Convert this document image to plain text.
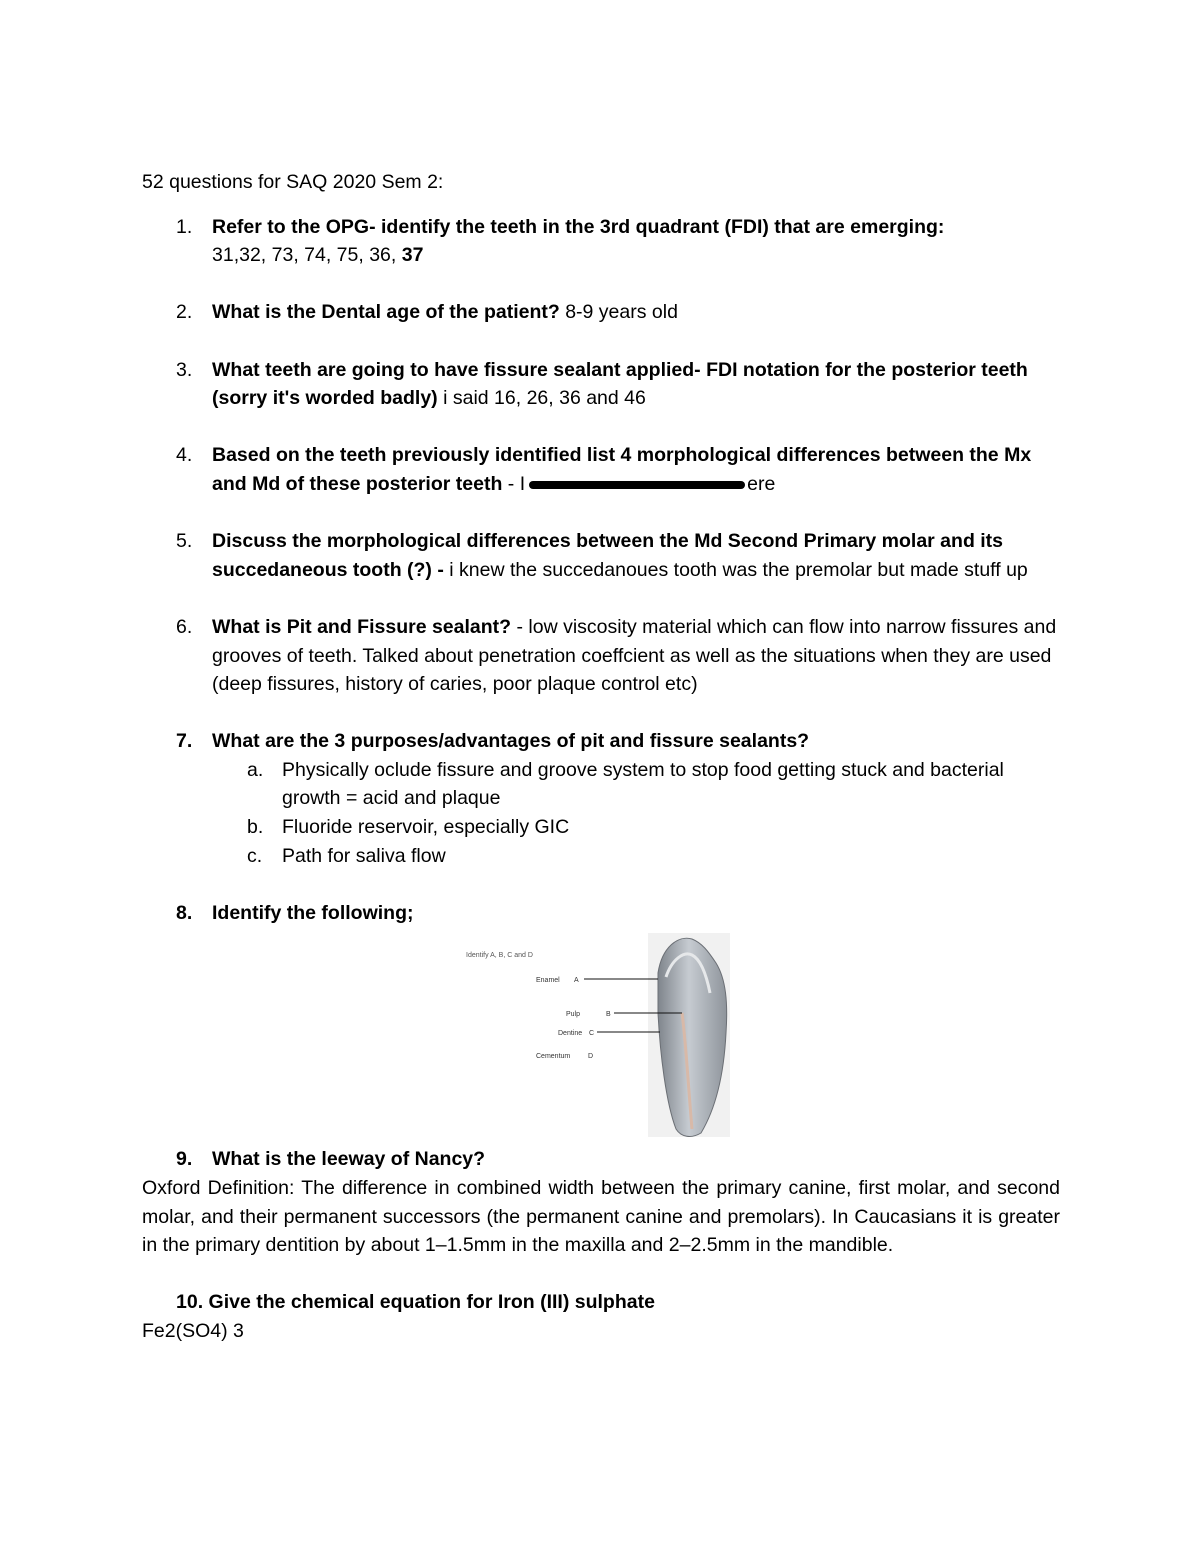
52 questions for SAQ 2020 Sem 2:
1.	Refer to the OPG- identify the teeth in the 3rd quadrant (FDI) that are emerging:
31,32, 73, 74, 75, 36, 37
2.	What is the Dental age of the patient? 8-9 years old
3.	What teeth are going to have fissure sealant applied- FDI notation for the posterior teeth (sorry it's worded badly) i said 16, 26, 36 and 46
4.	Based on the teeth previously identified list 4 morphological differences between the Mx and Md of these posterior teeth - I	ere
5.	Discuss the morphological differences between the Md Second Primary molar and its succedaneous tooth (?) - i knew the succedanoues tooth was the premolar but made stuff up
6.	What is Pit and Fissure sealant? - low viscosity material which can flow into narrow fissures and grooves of teeth. Talked about penetration coeffcient as well as the situations when they are used (deep fissures, history of caries, poor plaque control etc)
7.	What are the 3 purposes/advantages of pit and fissure sealants?
a. Physically oclude fissure and groove system to stop food getting stuck and bacterial growth = acid and plaque
b. Fluoride reservoir, especially GIC
c. Path for saliva flow
8.	Identify the following;
Identify A, B, C and D
Enamel A
Pulp	B
Dentine C
Cementum	D
9.	What is the leeway of Nancy?

Oxford Definition: The difference in combined width between the primary canine, first molar, and second molar, and their permanent successors (the permanent canine and premolars). In Caucasians it is greater in the primary dentition by about 1–1.5mm in the maxilla and 2–2.5mm in the mandible.

10. Give the chemical equation for Iron (III) sulphate

Fe2(SO4) 3
